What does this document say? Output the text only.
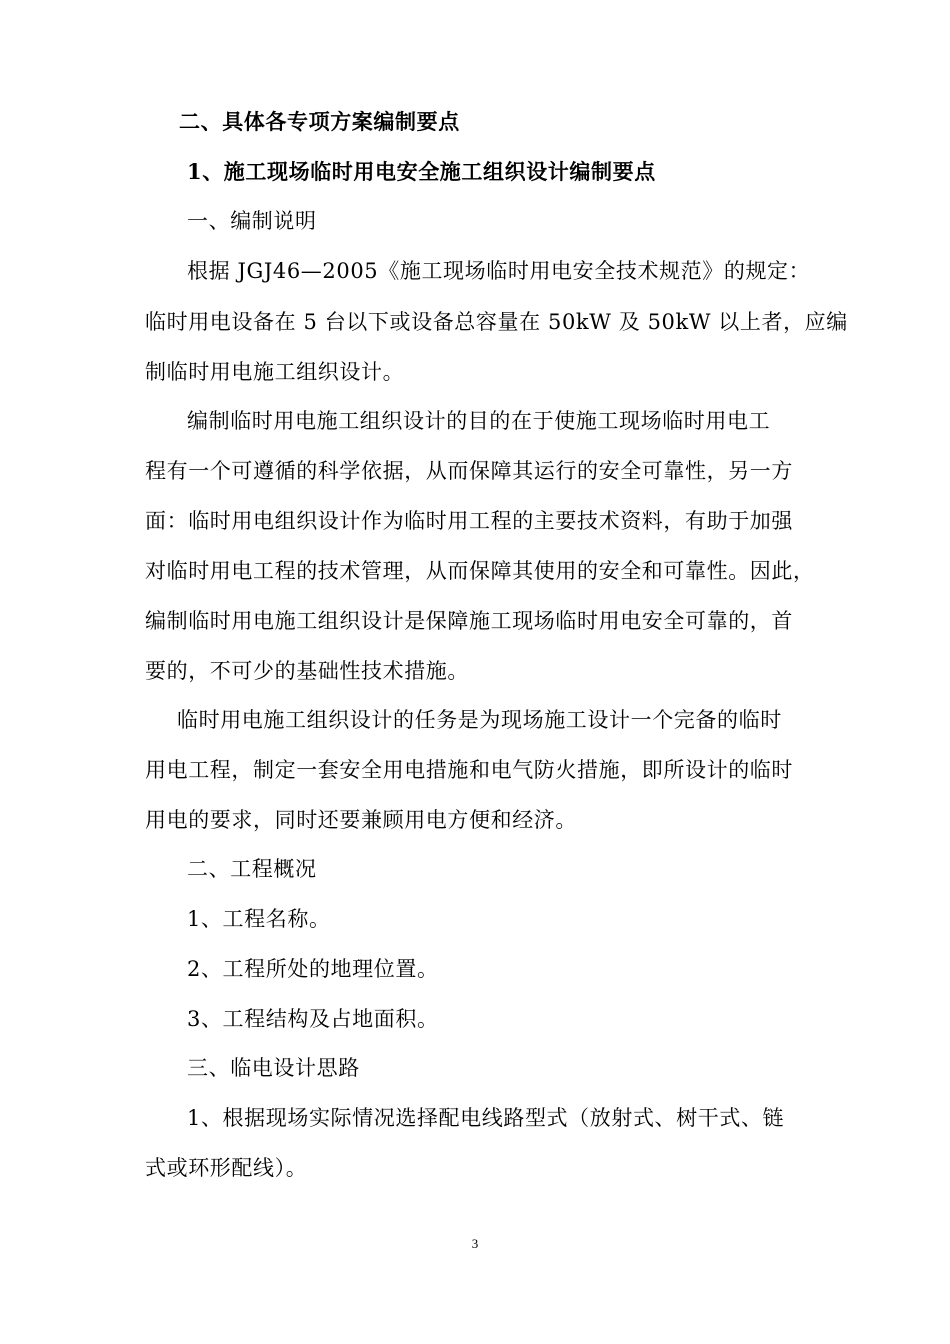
二、具体各专项方案编制要点
1、施工现场临时用电安全施工组织设计编制要点
一、编制说明
根据 JGJ46—2005《施工现场临时用电安全技术规范》的规定：
临时用电设备在 5 台以下或设备总容量在 50kW 及 50kW 以上者，应编
制临时用电施工组织设计。
编制临时用电施工组织设计的目的在于使施工现场临时用电工
程有一个可遵循的科学依据，从而保障其运行的安全可靠性，另一方
面：临时用电组织设计作为临时用工程的主要技术资料，有助于加强
对临时用电工程的技术管理，从而保障其使用的安全和可靠性。因此，
编制临时用电施工组织设计是保障施工现场临时用电安全可靠的，首
要的，不可少的基础性技术措施。
临时用电施工组织设计的任务是为现场施工设计一个完备的临时
用电工程，制定一套安全用电措施和电气防火措施，即所设计的临时
用电的要求，同时还要兼顾用电方便和经济。
二、工程概况
1、工程名称。
2、工程所处的地理位置。
3、工程结构及占地面积。
三、临电设计思路
1、根据现场实际情况选择配电线路型式（放射式、树干式、链
式或环形配线）。
3
